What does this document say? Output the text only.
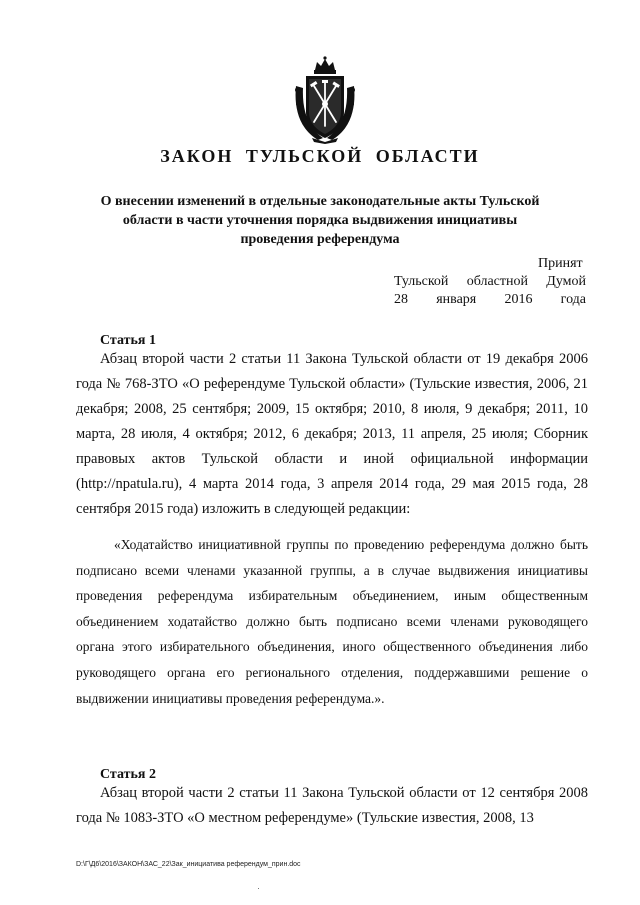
ЗАКОН ТУЛЬСКОЙ ОБЛАСТИ
О внесении изменений в отдельные законодательные акты Тульской области в части уточнения порядка выдвижения инициативы проведения референдума
Принят
Тульской областной Думой
28 января 2016 года
Статья 1
Абзац второй части 2 статьи 11 Закона Тульской области от 19 декабря 2006 года № 768-ЗТО «О референдуме Тульской области» (Тульские известия, 2006, 21 декабря; 2008, 25 сентября; 2009, 15 октября; 2010, 8 июля, 9 декабря; 2011, 10 марта, 28 июля, 4 октября; 2012, 6 декабря; 2013, 11 апреля, 25 июля; Сборник правовых актов Тульской области и иной официальной информации (http://npatula.ru), 4 марта 2014 года, 3 апреля 2014 года, 29 мая 2015 года, 28 сентября 2015 года) изложить в следующей редакции:
«Ходатайство инициативной группы по проведению референдума должно быть подписано всеми членами указанной группы, а в случае выдвижения инициативы проведения референдума избирательным объединением, иным общественным объединением ходатайство должно быть подписано всеми членами руководящего органа этого избирательного объединения, иного общественного объединения либо руководящего органа его регионального отделения, поддержавшими решение о выдвижении инициативы проведения референдума.».
Статья 2
Абзац второй части 2 статьи 11 Закона Тульской области от 12 сентября 2008 года № 1083-ЗТО «О местном референдуме» (Тульские известия, 2008, 13
D:\Г\Д6\2016\ЗАКОН\ЗАС_22\Зак_инициатива референдум_прин.doc
